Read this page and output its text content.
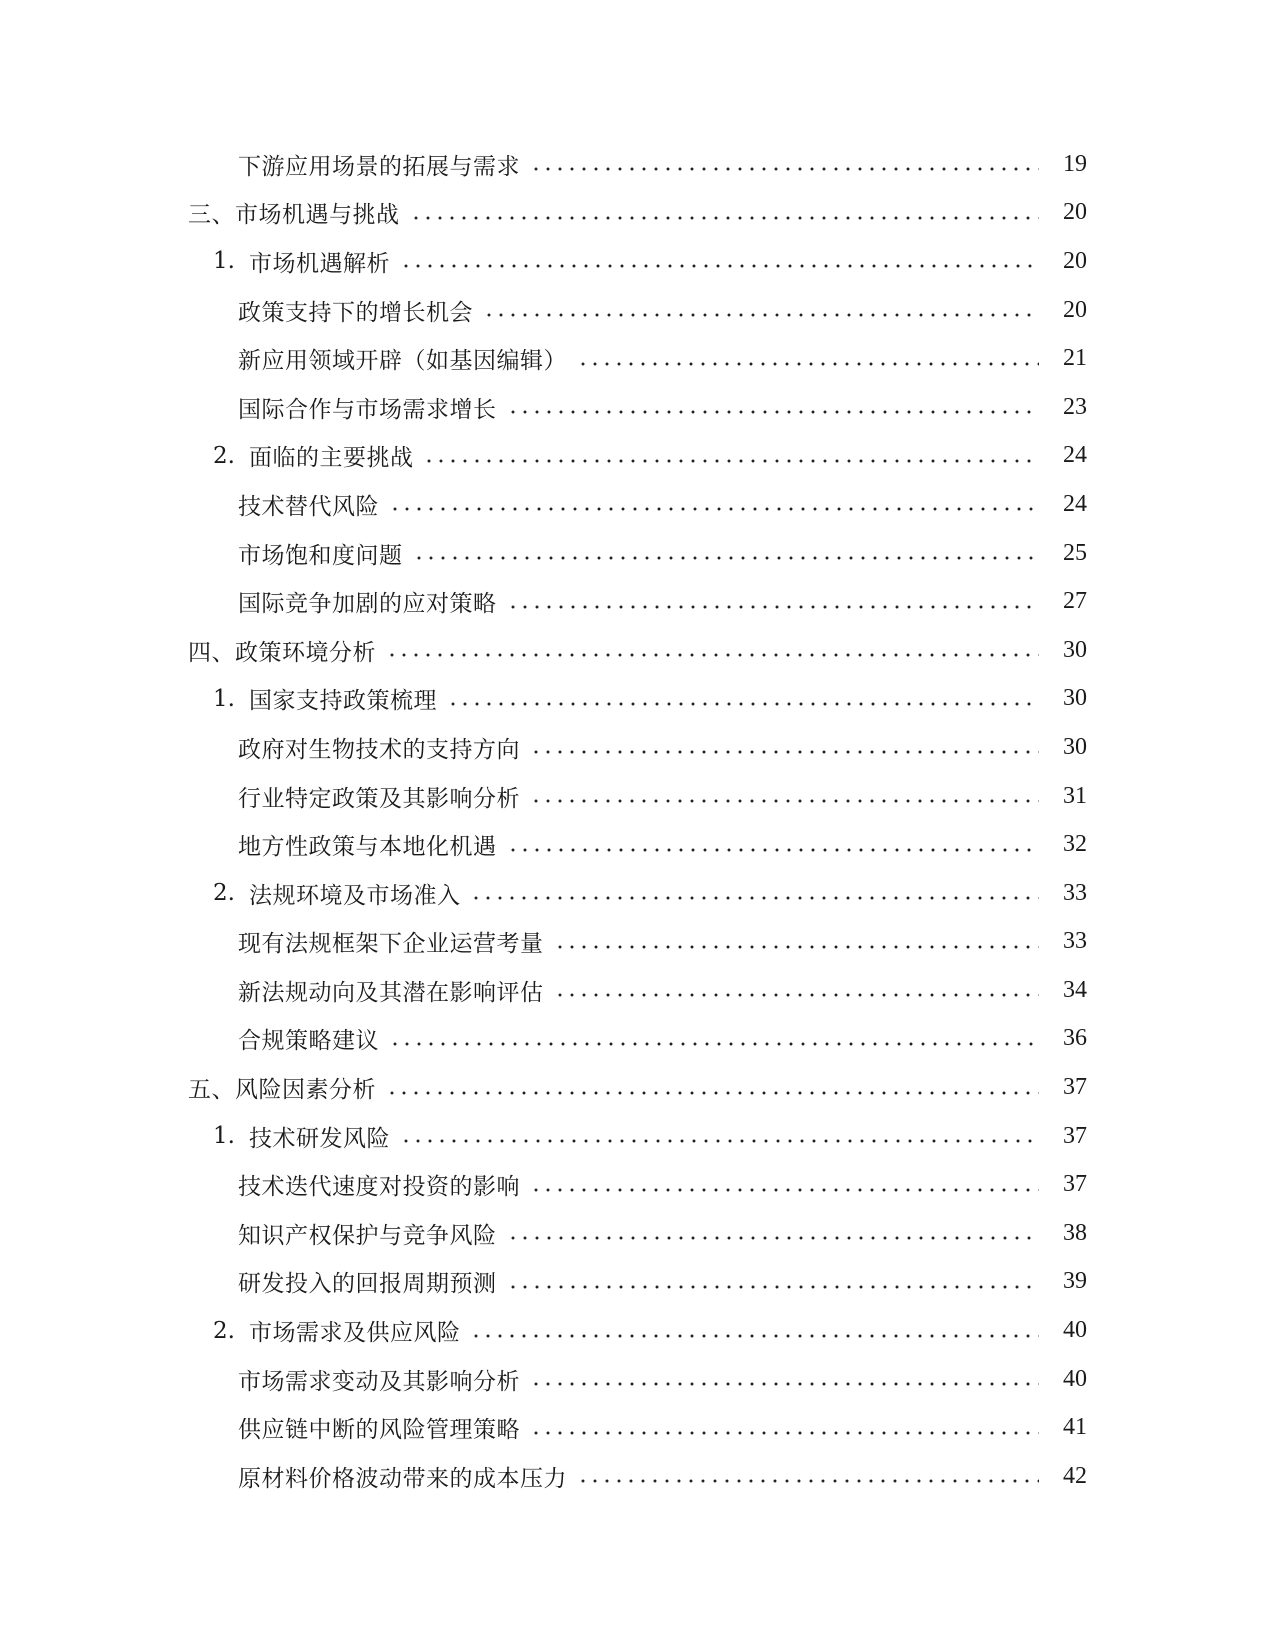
下游应用场景的拓展与需求	19
三、市场机遇与挑战	20
1. 市场机遇解析	20
政策支持下的增长机会	20
新应用领域开辟（如基因编辑）	21
国际合作与市场需求增长	23
2. 面临的主要挑战	24
技术替代风险	24
市场饱和度问题	25
国际竞争加剧的应对策略	27
四、政策环境分析	30
1. 国家支持政策梳理	30
政府对生物技术的支持方向	30
行业特定政策及其影响分析	31
地方性政策与本地化机遇	32
2. 法规环境及市场准入	33
现有法规框架下企业运营考量	33
新法规动向及其潜在影响评估	34
合规策略建议	36
五、风险因素分析	37
1. 技术研发风险	37
技术迭代速度对投资的影响	37
知识产权保护与竞争风险	38
研发投入的回报周期预测	39
2. 市场需求及供应风险	40
市场需求变动及其影响分析	40
供应链中断的风险管理策略	41
原材料价格波动带来的成本压力	42
